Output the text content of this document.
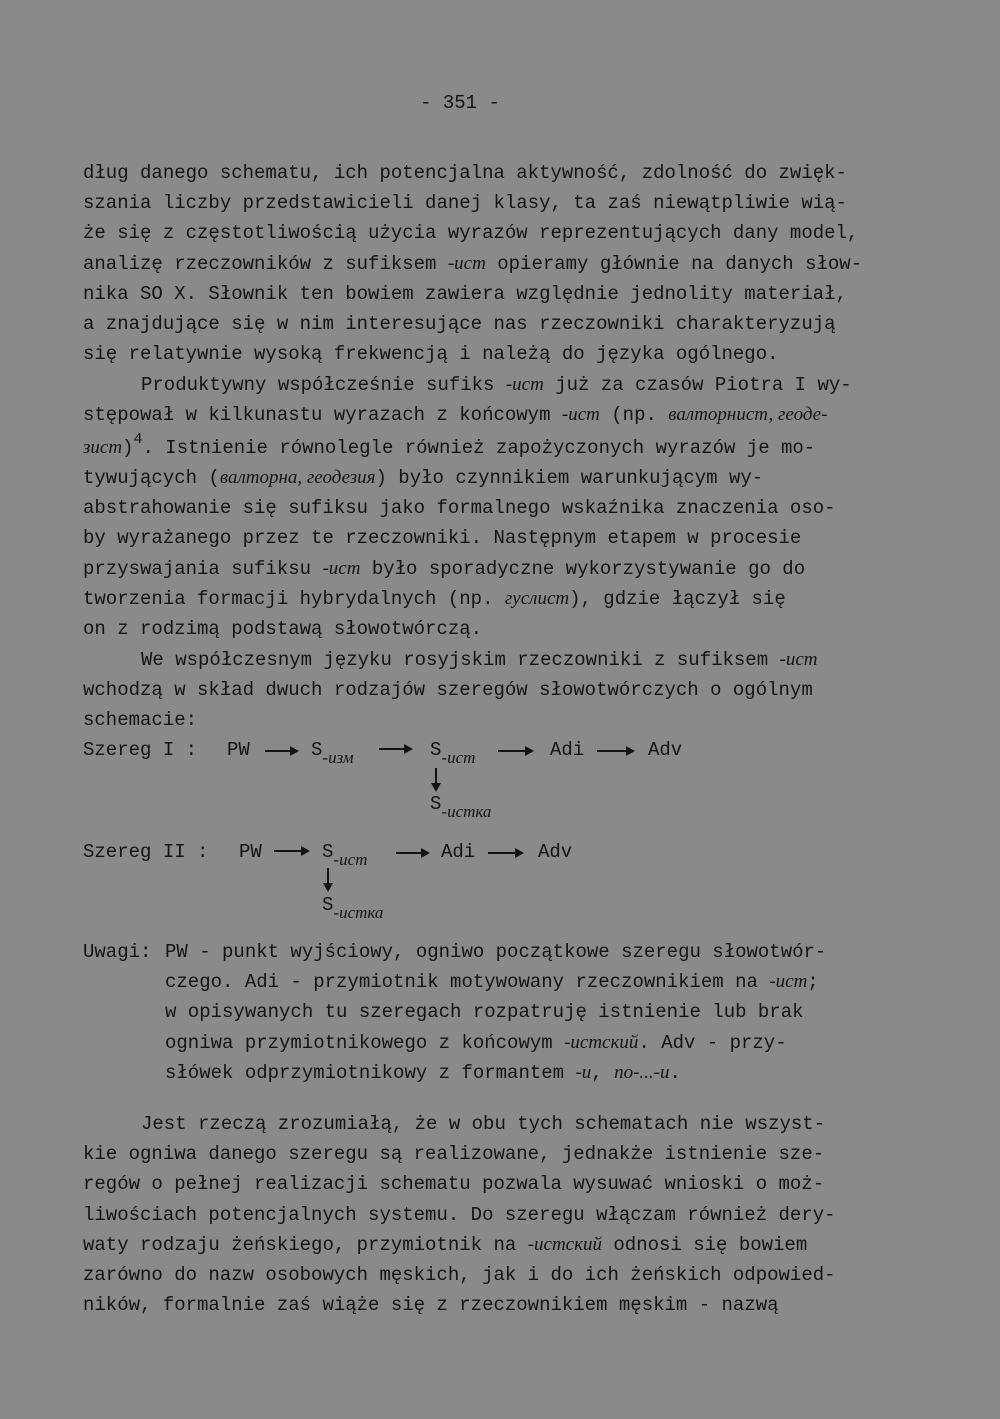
- 351 -
dług danego schematu, ich potencjalna aktywność, zdolność do zwięk-
szania liczby przedstawicieli danej klasy, ta zaś niewątpliwie wią-
że się z częstotliwością użycia wyrazów reprezentujących dany model,
analizę rzeczowników z sufiksem -ист opieramy głównie na danych słow-
nika SO X. Słownik ten bowiem zawiera względnie jednolity materiał,
a znajdujące się w nim interesujące nas rzeczowniki charakteryzują
się relatywnie wysoką frekwencją i należą do języka ogólnego.
Produktywny współcześnie sufiks -ист już za czasów Piotra I wy-
stępował w kilkunastu wyrazach z końcowym -ист (np. валторнист, геоде-
зист)$^4$. Istnienie równolegle również zapożyczonych wyrazów je mo-
tywujących (валторна, геодезия) było czynnikiem warunkującym wy-
abstrahowanie się sufiksu jako formalnego wskaźnika znaczenia oso-
by wyrażanego przez te rzeczowniki. Następnym etapem w procesie
przyswajania sufiksu -ист było sporadyczne wykorzystywanie go do
tworzenia formacji hybrydalnych (np. гуслист), gdzie łączył się
on z rodzimą podstawą słowotwórczą.
We współczesnym języku rosyjskim rzeczowniki z sufiksem -ист
wchodzą w skład dwuch rodzajów szeregów słowotwórczych o ogólnym
schemacie:
Szereg I : PW	S-изм	S-ист	Adi	Adv
S-истка
Szereg II : PW	S-ист	Adi	Adv
S-истка
Uwagi: PW - punkt wyjściowy, ogniwo początkowe szeregu słowotwór-
czego. Adi - przymiotnik motywowany rzeczownikiem na -ист;
w opisywanych tu szeregach rozpatruję istnienie lub brak
ogniwa przymiotnikowego z końcowym -истский. Adv - przy-
słówek odprzymiotnikowy z formantem -и, по-...-и.
Jest rzeczą zrozumiałą, że w obu tych schematach nie wszyst-
kie ogniwa danego szeregu są realizowane, jednakże istnienie sze-
regów o pełnej realizacji schematu pozwala wysuwać wnioski o moż-
liwościach potencjalnych systemu. Do szeregu włączam również dery-
waty rodzaju żeńskiego, przymiotnik na -истский odnosi się bowiem
zarówno do nazw osobowych męskich, jak i do ich żeńskich odpowied-
ników, formalnie zaś wiąże się z rzeczownikiem męskim - nazwą
